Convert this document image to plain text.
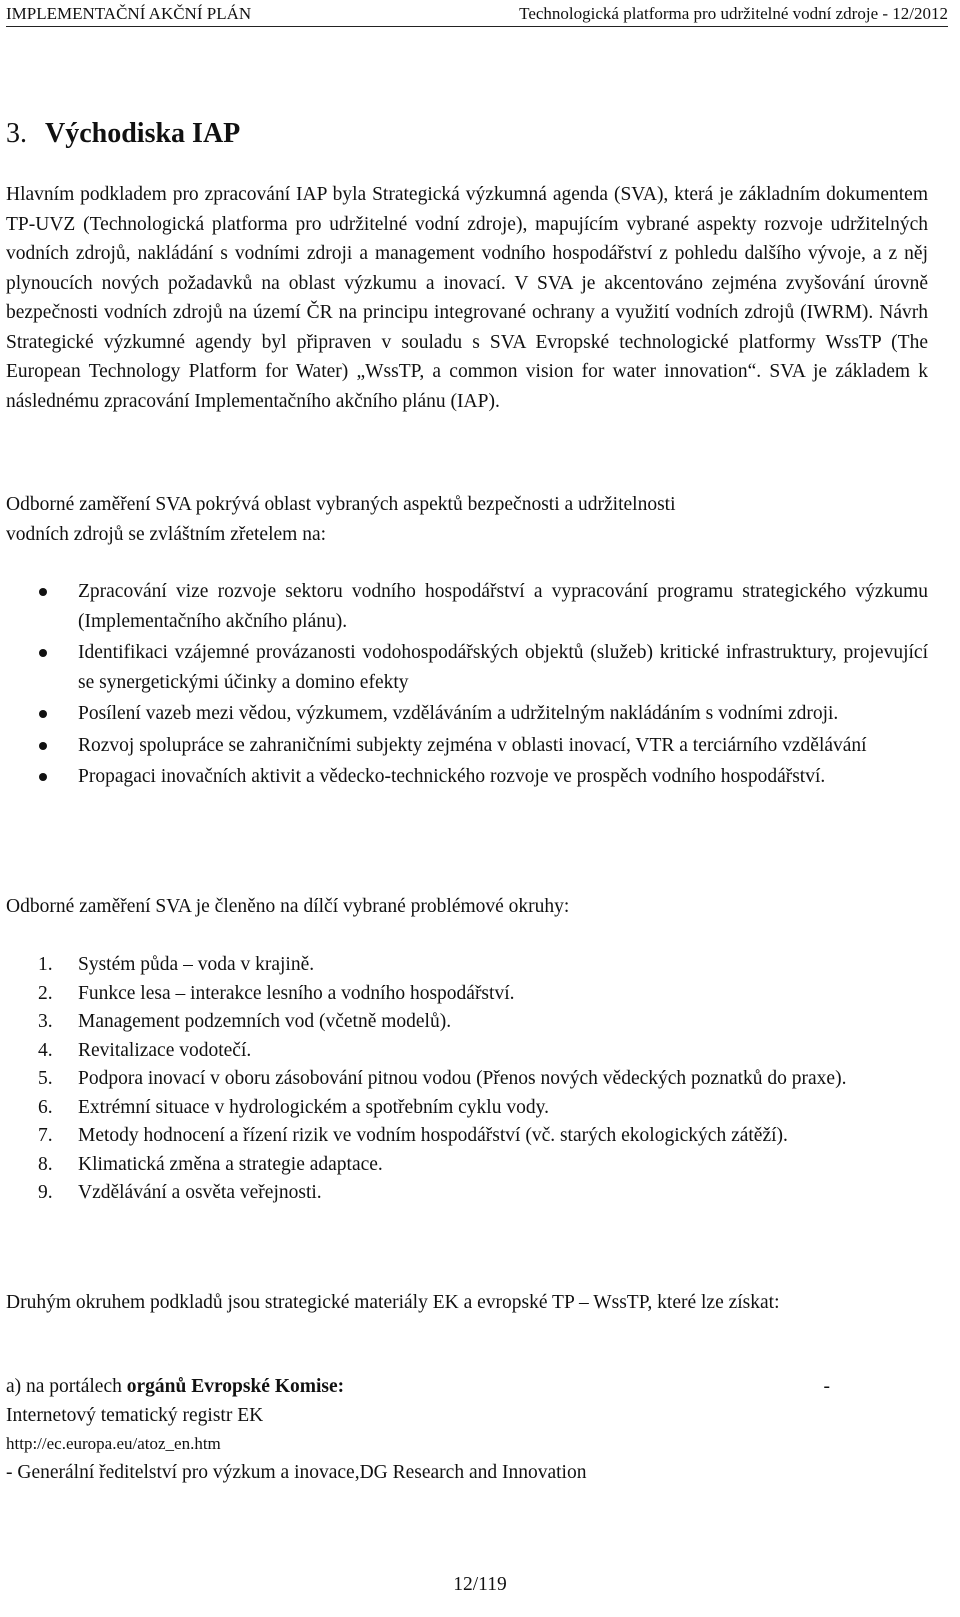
IMPLEMENTAČNÍ AKČNÍ PLÁN	Technologická platforma pro udržitelné vodní zdroje - 12/2012
3. Východiska IAP

Hlavním podkladem pro zpracování IAP byla Strategická výzkumná agenda (SVA), která je základním dokumentem TP-UVZ (Technologická platforma pro udržitelné vodní zdroje), mapujícím vybrané aspekty rozvoje udržitelných vodních zdrojů, nakládání s vodními zdroji a management vodního hospodářství z pohledu dalšího vývoje, a z něj plynoucích nových požadavků na oblast výzkumu a inovací. V SVA je akcentováno zejména zvyšování úrovně bezpečnosti vodních zdrojů na území ČR na principu integrované ochrany a využití vodních zdrojů (IWRM). Návrh Strategické výzkumné agendy byl připraven v souladu s SVA Evropské technologické platformy WssTP (The European Technology Platform for Water) „WssTP, a common vision for water innovation“. SVA je základem k následnému zpracování Implementačního akčního plánu (IAP).

Odborné zaměření SVA pokrývá oblast vybraných aspektů bezpečnosti a udržitelnosti
vodních zdrojů se zvláštním zřetelem na:

Zpracování vize rozvoje sektoru vodního hospodářství a vypracování programu strategického výzkumu (Implementačního akčního plánu).
Identifikaci vzájemné provázanosti vodohospodářských objektů (služeb) kritické infrastruktury, projevující se synergetickými účinky a domino efekty
Posílení vazeb mezi vědou, výzkumem, vzděláváním a udržitelným nakládáním s vodními zdroji.
Rozvoj spolupráce se zahraničními subjekty zejména v oblasti inovací, VTR a terciárního vzdělávání
Propagaci inovačních aktivit a vědecko-technického rozvoje ve prospěch vodního hospodářství.

Odborné zaměření SVA je členěno na dílčí vybrané problémové okruhy:

1. Systém půda – voda v krajině.
2. Funkce lesa – interakce lesního a vodního hospodářství.
3. Management podzemních vod (včetně modelů).
4. Revitalizace vodotečí.
5. Podpora inovací v oboru zásobování pitnou vodou (Přenos nových vědeckých poznatků do praxe).
6. Extrémní situace v hydrologickém a spotřebním cyklu vody.
7. Metody hodnocení a řízení rizik ve vodním hospodářství (vč. starých ekologických zátěží).
8. Klimatická změna a strategie adaptace.
9. Vzdělávání a osvěta veřejnosti.

Druhým okruhem podkladů jsou strategické materiály EK a evropské TP – WssTP, které lze získat:

a) na portálech orgánů Evropské Komise:	-
Internetový tematický registr EK
http://ec.europa.eu/atoz_en.htm
- Generální ředitelství pro výzkum a inovace,DG Research and Innovation
12/119
